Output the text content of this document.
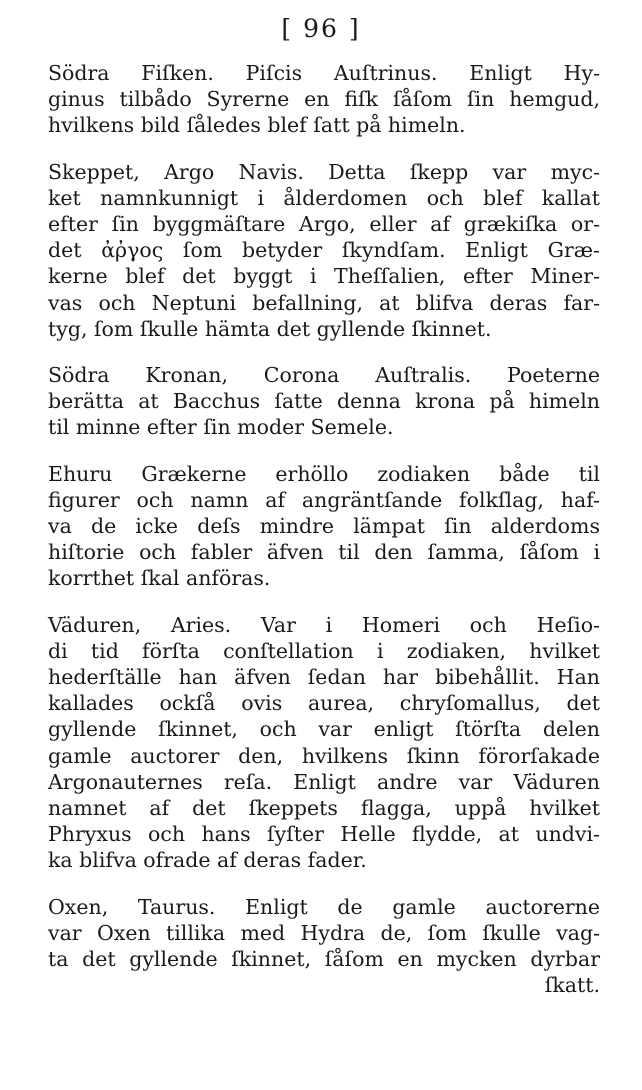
[ 96 ]
Södra Fiſken. Piſcis Auſtrinus. Enligt Hy-
ginus tilbådo Syrerne en fiſk ſåſom ſin hemgud,
hvilkens bild ſåledes blef ſatt på himeln.
Skeppet, Argo Navis. Detta ſkepp var myc-
ket namnkunnigt i ålderdomen och blef kallat
efter ſin byggmäſtare Argo, eller af grækiſka or-
det ἀῤγος ſom betyder ſkyndſam. Enligt Græ-
kerne blef det byggt i Theſſalien, efter Miner-
vas och Neptuni befallning, at blifva deras far-
tyg, ſom ſkulle hämta det gyllende ſkinnet.
Södra Kronan, Corona Auſtralis. Poeterne
berätta at Bacchus ſatte denna krona på himeln
til minne efter ſin moder Semele.
Ehuru Grækerne erhöllo zodiaken både til
figurer och namn af angräntſande folkſlag, haf-
va de icke deſs mindre lämpat ſin alderdoms
hiſtorie och fabler äfven til den ſamma, ſåſom i
korrthet ſkal anföras.
Väduren, Aries. Var i Homeri och Heſio-
di tid förſta conſtellation i zodiaken, hvilket
hederſtälle han äfven ſedan har bibehållit. Han
kallades ockſå ovis aurea, chryſomallus, det
gyllende ſkinnet, och var enligt ſtörſta delen
gamle auctorer den, hvilkens ſkinn förorſakade
Argonauternes reſa. Enligt andre var Väduren
namnet af det ſkeppets flagga, uppå hvilket
Phryxus och hans ſyſter Helle flydde, at undvi-
ka blifva ofrade af deras fader.
Oxen, Taurus. Enligt de gamle auctorerne
var Oxen tillika med Hydra de, ſom ſkulle vag-
ta det gyllende ſkinnet, ſåſom en mycken dyrbar
ſkatt.
